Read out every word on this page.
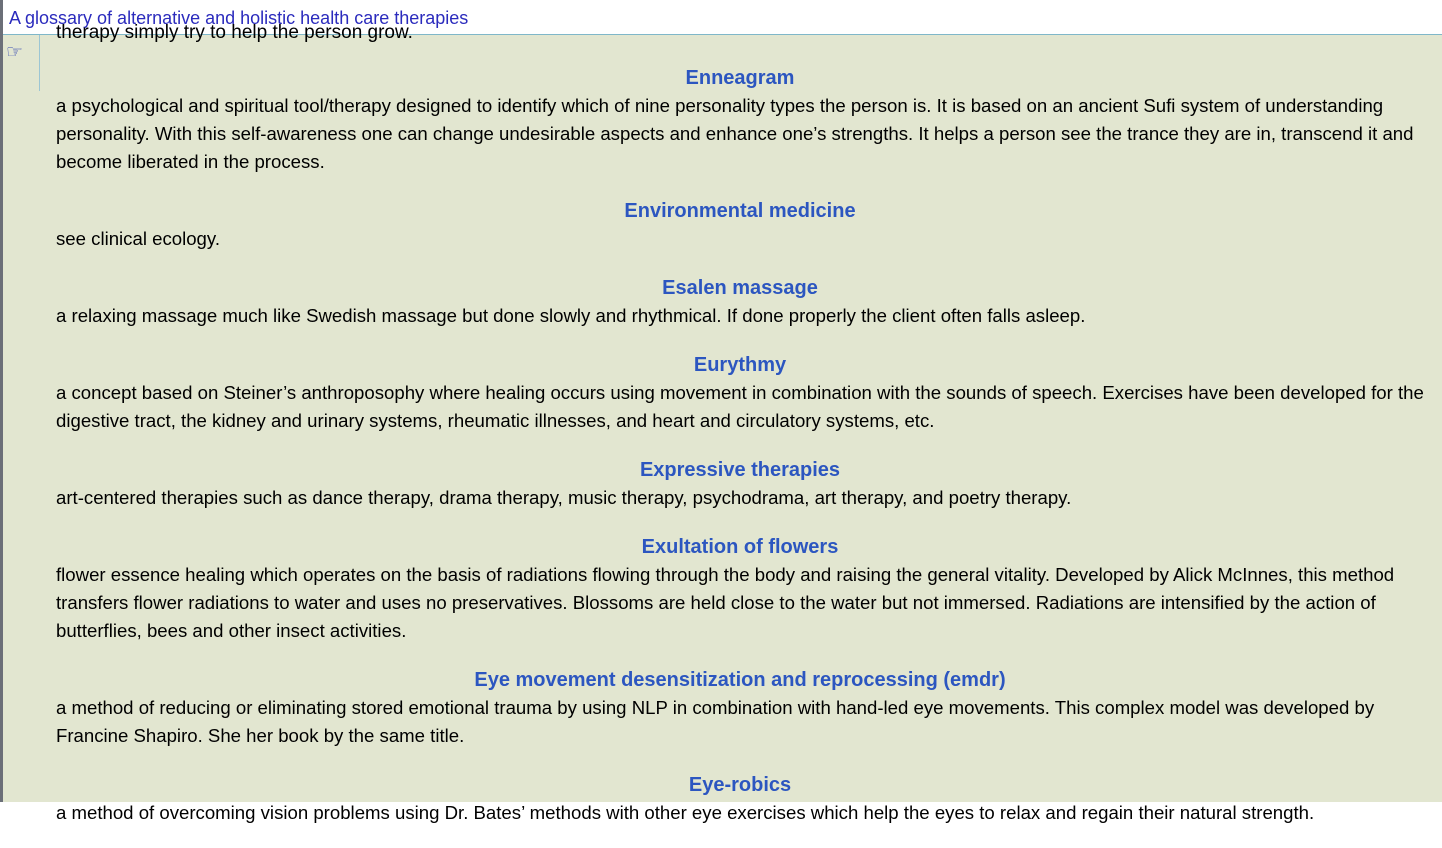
A glossary of alternative and holistic health care therapies
☞
therapy simply try to help the person grow.
Enneagram
a psychological and spiritual tool/therapy designed to identify which of nine personality types the person is. It is based on an ancient Sufi system of understanding personality. With this self-awareness one can change undesirable aspects and enhance one’s strengths. It helps a person see the trance they are in, transcend it and become liberated in the process.
Environmental medicine
see clinical ecology.
Esalen massage
a relaxing massage much like Swedish massage but done slowly and rhythmical. If done properly the client often falls asleep.
Eurythmy
a concept based on Steiner’s anthroposophy where healing occurs using movement in combination with the sounds of speech. Exercises have been developed for the digestive tract, the kidney and urinary systems, rheumatic illnesses, and heart and circulatory systems, etc.
Expressive therapies
art-centered therapies such as dance therapy, drama therapy, music therapy, psychodrama, art therapy, and poetry therapy.
Exultation of flowers
flower essence healing which operates on the basis of radiations flowing through the body and raising the general vitality. Developed by Alick McInnes, this method transfers flower radiations to water and uses no preservatives. Blossoms are held close to the water but not immersed. Radiations are intensified by the action of butterflies, bees and other insect activities.
Eye movement desensitization and reprocessing (emdr)
a method of reducing or eliminating stored emotional trauma by using NLP in combination with hand-led eye movements. This complex model was developed by Francine Shapiro. She her book by the same title.
Eye-robics
a method of overcoming vision problems using Dr. Bates’ methods with other eye exercises which help the eyes to relax and regain their natural strength.
